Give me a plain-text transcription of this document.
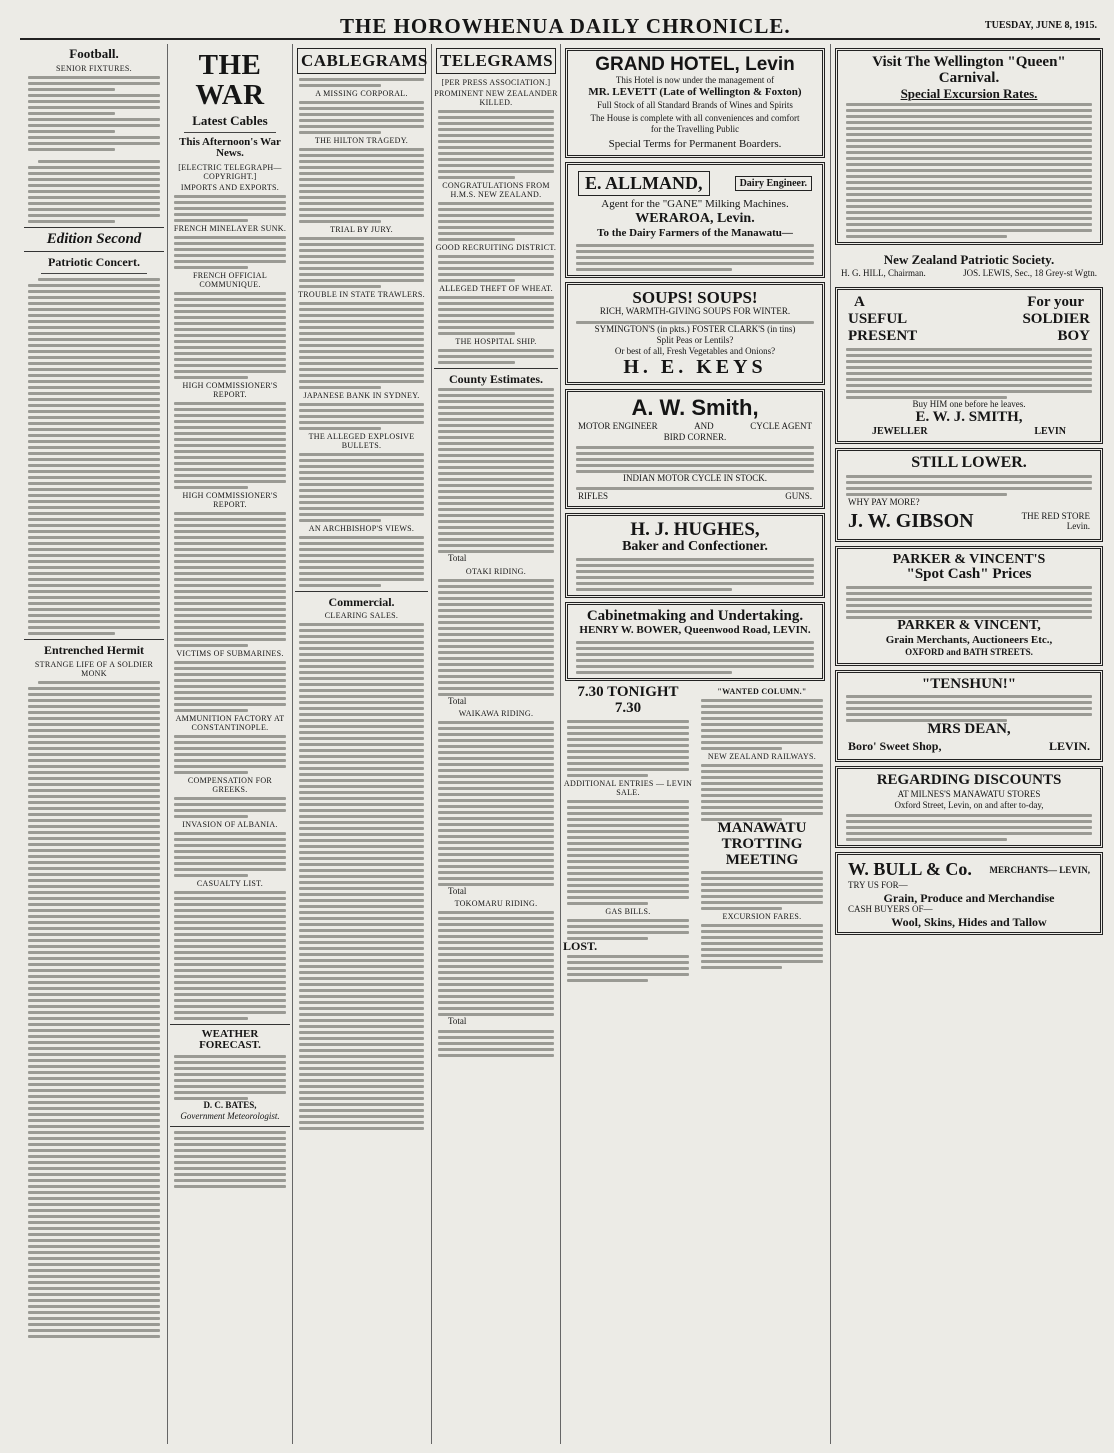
THE HOROWHENUA DAILY CHRONICLE.	TUESDAY, JUNE 8, 1915.
Football.
SENIOR FIXTURES.
Edition Second
Patriotic Concert.
Entrenched Hermit
STRANGE LIFE OF A SOLDIER MONK
THE WAR
Latest Cables
This Afternoon's War News.
[ELECTRIC TELEGRAPH—COPYRIGHT.]
IMPORTS AND EXPORTS.
FRENCH MINELAYER SUNK.
FRENCH OFFICIAL COMMUNIQUE.
HIGH COMMISSIONER'S REPORT.
HIGH COMMISSIONER'S REPORT.
VICTIMS OF SUBMARINES.
AMMUNITION FACTORY AT CONSTANTINOPLE.
COMPENSATION FOR GREEKS.
INVASION OF ALBANIA.
CASUALTY LIST.
WEATHER FORECAST.
D. C. BATES,
Government Meteorologist.
CABLEGRAMS
A MISSING CORPORAL.
THE HILTON TRAGEDY.
TRIAL BY JURY.
TROUBLE IN STATE TRAWLERS.
JAPANESE BANK IN SYDNEY.
THE ALLEGED EXPLOSIVE BULLETS.
AN ARCHBISHOP'S VIEWS.
Commercial.
CLEARING SALES.
TELEGRAMS
[PER PRESS ASSOCIATION.]
PROMINENT NEW ZEALANDER KILLED.
CONGRATULATIONS FROM H.M.S. NEW ZEALAND.
GOOD RECRUITING DISTRICT.
ALLEGED THEFT OF WHEAT.
THE HOSPITAL SHIP.
County Estimates.
Total
OTAKI RIDING.
Total
WAIKAWA RIDING.
Total
TOKOMARU RIDING.
Total
GRAND HOTEL, Levin
This Hotel is now under the management of
MR. LEVETT (Late of Wellington & Foxton)
Full Stock of all Standard Brands of Wines and Spirits
The House is complete with all conveniences and comfort for the Travelling Public
Special Terms for Permanent Boarders.
E. ALLMAND,	Dairy Engineer.
Agent for the "GANE" Milking Machines.
WERAROA, Levin.
To the Dairy Farmers of the Manawatu—
SOUPS! SOUPS!
RICH, WARMTH-GIVING SOUPS FOR WINTER.
SYMINGTON'S (in pkts.) FOSTER CLARK'S (in tins)
Split Peas or Lentils?
Or best of all, Fresh Vegetables and Onions?
H. E. KEYS
A. W. Smith,
MOTOR ENGINEER	AND	CYCLE AGENT
BIRD CORNER.
INDIAN MOTOR CYCLE IN STOCK.
RIFLES	GUNS.
H. J. HUGHES,
Baker and Confectioner.
Cabinetmaking and Undertaking.
HENRY W. BOWER, Queenwood Road, LEVIN.
7.30 TONIGHT 7.30
ADDITIONAL ENTRIES — LEVIN SALE.
GAS BILLS.
LOST.
"WANTED COLUMN."
NEW ZEALAND RAILWAYS.
MANAWATU TROTTING MEETING
EXCURSION FARES.
Visit The Wellington "Queen" Carnival.
Special Excursion Rates.
New Zealand Patriotic Society.
H. G. HILL, Chairman.	JOS. LEWIS, Sec., 18 Grey-st Wgtn.
A	For your
USEFUL	SOLDIER
PRESENT	BOY
Buy HIM one before he leaves.
E. W. J. SMITH,
JEWELLER	LEVIN
STILL LOWER.
WHY PAY MORE?
J. W. GIBSON	THE RED STORE Levin.
PARKER & VINCENT'S
"Spot Cash" Prices
PARKER & VINCENT,
Grain Merchants, Auctioneers Etc.,
OXFORD and BATH STREETS.
"TENSHUN!"
MRS DEAN,
Boro' Sweet Shop,	LEVIN.
REGARDING DISCOUNTS
AT MILNES'S MANAWATU STORES
Oxford Street, Levin, on and after to-day,
W. BULL & Co. MERCHANTS— LEVIN,
TRY US FOR—
Grain, Produce and Merchandise
CASH BUYERS OF—
Wool, Skins, Hides and Tallow
